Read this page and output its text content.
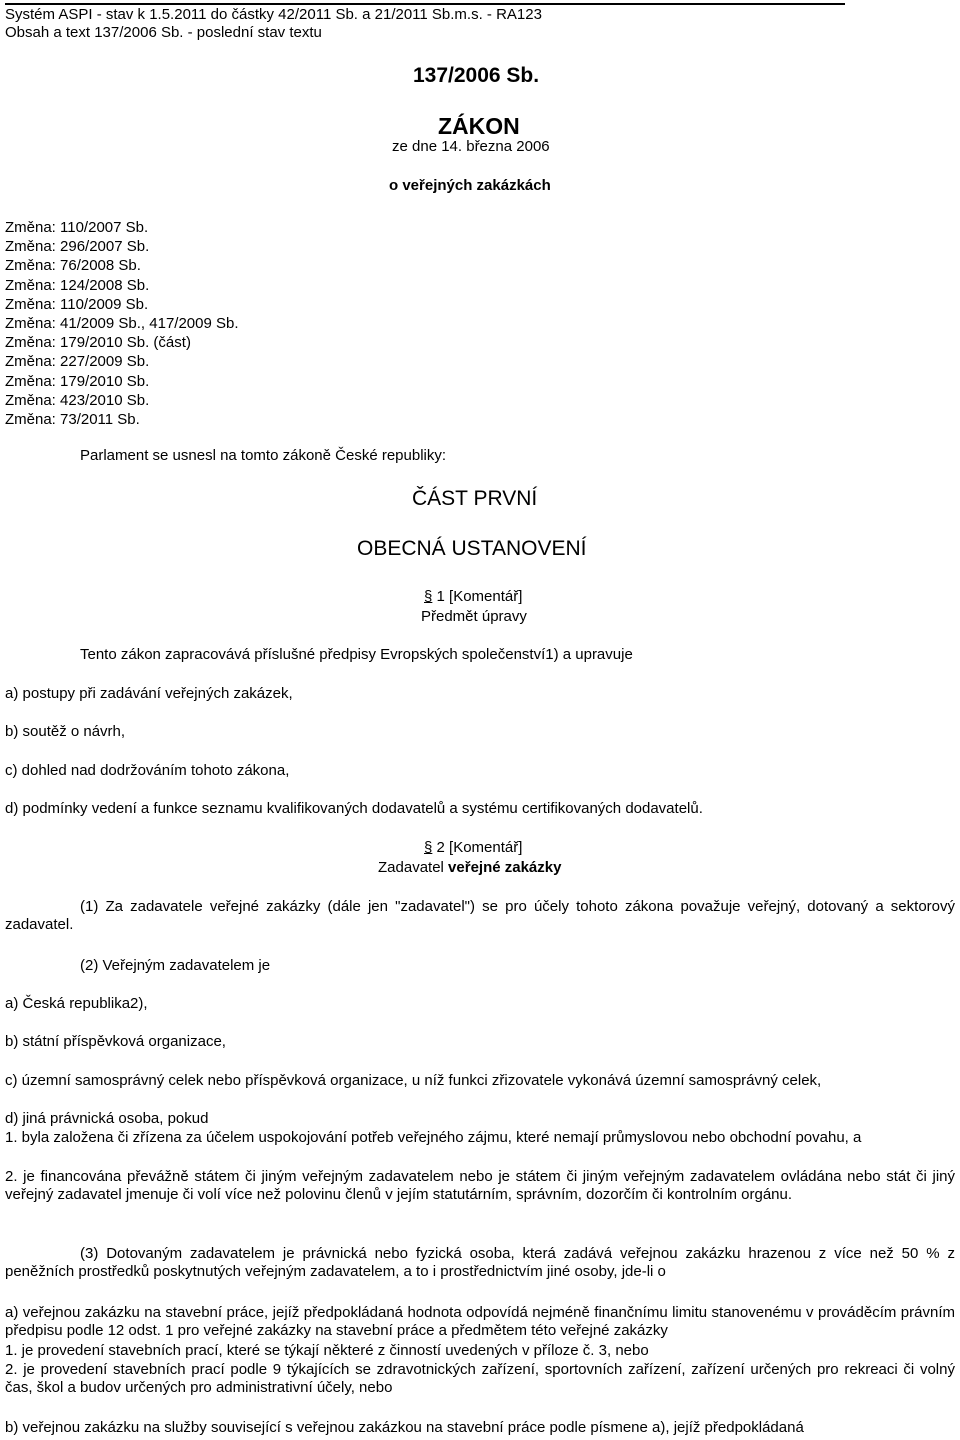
Systém ASPI - stav k 1.5.2011 do částky 42/2011 Sb. a 21/2011 Sb.m.s. - RA123
Obsah a text 137/2006 Sb. - poslední stav textu
137/2006 Sb.
ZÁKON
ze dne 14. března 2006
o veřejných zakázkách
Změna: 110/2007 Sb.
Změna: 296/2007 Sb.
Změna: 76/2008 Sb.
Změna: 124/2008 Sb.
Změna: 110/2009 Sb.
Změna: 41/2009 Sb., 417/2009 Sb.
Změna: 179/2010 Sb. (část)
Změna: 227/2009 Sb.
Změna: 179/2010 Sb.
Změna: 423/2010 Sb.
Změna: 73/2011 Sb.
Parlament se usnesl na tomto zákoně České republiky:
ČÁST PRVNÍ
OBECNÁ USTANOVENÍ
§ 1 [Komentář]
Předmět úpravy
Tento zákon zapracovává příslušné předpisy Evropských společenství1) a upravuje
a) postupy při zadávání veřejných zakázek,
b) soutěž o návrh,
c) dohled nad dodržováním tohoto zákona,
d) podmínky vedení a funkce seznamu kvalifikovaných dodavatelů a systému certifikovaných dodavatelů.
§ 2 [Komentář]
Zadavatel veřejné zakázky
(1) Za zadavatele veřejné zakázky (dále jen "zadavatel") se pro účely tohoto zákona považuje veřejný, dotovaný a sektorový zadavatel.
(2) Veřejným zadavatelem je
a) Česká republika2),
b) státní příspěvková organizace,
c) územní samosprávný celek nebo příspěvková organizace, u níž funkci zřizovatele vykonává územní samosprávný celek,
d) jiná právnická osoba, pokud
1. byla založena či zřízena za účelem uspokojování potřeb veřejného zájmu, které nemají průmyslovou nebo obchodní povahu, a
2. je financována převážně státem či jiným veřejným zadavatelem nebo je státem či jiným veřejným zadavatelem ovládána nebo stát či jiný veřejný zadavatel jmenuje či volí více než polovinu členů v jejím statutárním, správním, dozorčím či kontrolním orgánu.
(3) Dotovaným zadavatelem je právnická nebo fyzická osoba, která zadává veřejnou zakázku hrazenou z více než 50 % z peněžních prostředků poskytnutých veřejným zadavatelem, a to i prostřednictvím jiné osoby, jde-li o
a) veřejnou zakázku na stavební práce, jejíž předpokládaná hodnota odpovídá nejméně finančnímu limitu stanovenému v prováděcím právním předpisu podle 12 odst. 1 pro veřejné zakázky na stavební práce a předmětem této veřejné zakázky
1. je provedení stavebních prací, které se týkají některé z činností uvedených v příloze č. 3, nebo
2. je provedení stavebních prací podle 9 týkajících se zdravotnických zařízení, sportovních zařízení, zařízení určených pro rekreaci či volný čas, škol a budov určených pro administrativní účely, nebo
b) veřejnou zakázku na služby související s veřejnou zakázkou na stavební práce podle písmene a), jejíž předpokládaná
